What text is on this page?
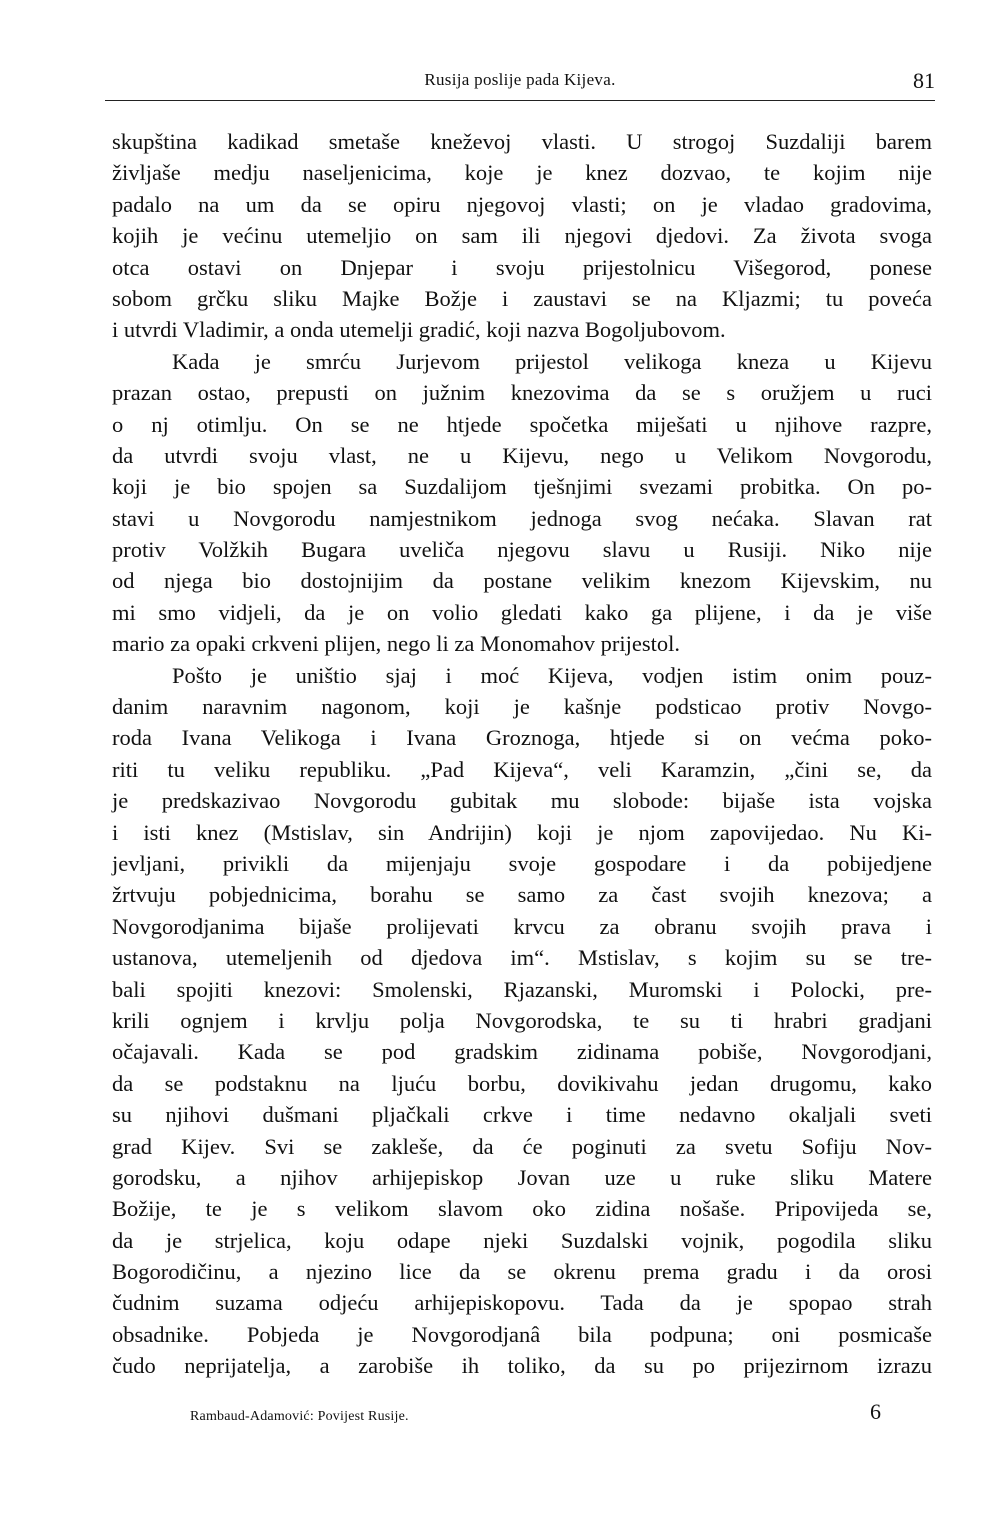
Rusija poslije pada Kijeva.	81
skupština kadikad smetaše kneževoj vlasti. U strogoj Suzdaliji barem
življaše medju naseljenicima, koje je knez dozvao, te kojim nije
padalo na um da se opiru njegovoj vlasti; on je vladao gradovima,
kojih je većinu utemeljio on sam ili njegovi djedovi. Za života svoga
otca ostavi on Dnjepar i svoju prijestolnicu Višegorod, ponese
sobom grčku sliku Majke Božje i zaustavi se na Kljazmi; tu poveća
i utvrdi Vladimir, a onda utemelji gradić, koji nazva Bogoljubovom.
Kada je smrću Jurjevom prijestol velikoga kneza u Kijevu
prazan ostao, prepusti on južnim knezovima da se s oružjem u ruci
o nj otimlju. On se ne htjede spočetka miješati u njihove razpre,
da utvrdi svoju vlast, ne u Kijevu, nego u Velikom Novgorodu,
koji je bio spojen sa Suzdalijom tješnjimi svezami probitka. On po-
stavi u Novgorodu namjestnikom jednoga svog nećaka. Slavan rat
protiv Volžkih Bugara uveliča njegovu slavu u Rusiji. Niko nije
od njega bio dostojnijim da postane velikim knezom Kijevskim, nu
mi smo vidjeli, da je on volio gledati kako ga plijene, i da je više
mario za opaki crkveni plijen, nego li za Monomahov prijestol.
Pošto je uništio sjaj i moć Kijeva, vodjen istim onim pouz-
danim naravnim nagonom, koji je kašnje podsticao protiv Novgo-
roda Ivana Velikoga i Ivana Groznoga, htjede si on većma poko-
riti tu veliku republiku. „Pad Kijeva“, veli Karamzin, „čini se, da
je predskazivao Novgorodu gubitak mu slobode: bijaše ista vojska
i isti knez (Mstislav, sin Andrijin) koji je njom zapovijedao. Nu Ki-
jevljani, privikli da mijenjaju svoje gospodare i da pobijedjene
žrtvuju pobjednicima, borahu se samo za čast svojih knezova; a
Novgorodjanima bijaše prolijevati krvcu za obranu svojih prava i
ustanova, utemeljenih od djedova im“. Mstislav, s kojim su se tre-
bali spojiti knezovi: Smolenski, Rjazanski, Muromski i Polocki, pre-
krili ognjem i krvlju polja Novgorodska, te su ti hrabri gradjani
očajavali. Kada se pod gradskim zidinama pobiše, Novgorodjani,
da se podstaknu na ljuću borbu, dovikivahu jedan drugomu, kako
su njihovi dušmani pljačkali crkve i time nedavno okaljali sveti
grad Kijev. Svi se zakleše, da će poginuti za svetu Sofiju Nov-
gorodsku, a njihov arhijepiskop Jovan uze u ruke sliku Matere
Božije, te je s velikom slavom oko zidina nošaše. Pripovijeda se,
da je strjelica, koju odape njeki Suzdalski vojnik, pogodila sliku
Bogorodičinu, a njezino lice da se okrenu prema gradu i da orosi
čudnim suzama odjeću arhijepiskopovu. Tada da je spopao strah
obsadnike. Pobjeda je Novgorodjanâ bila podpuna; oni posmicaše
čudo neprijatelja, a zarobiše ih toliko, da su po prijezirnom izrazu
Rambaud-Adamović: Povijest Rusije.	6
